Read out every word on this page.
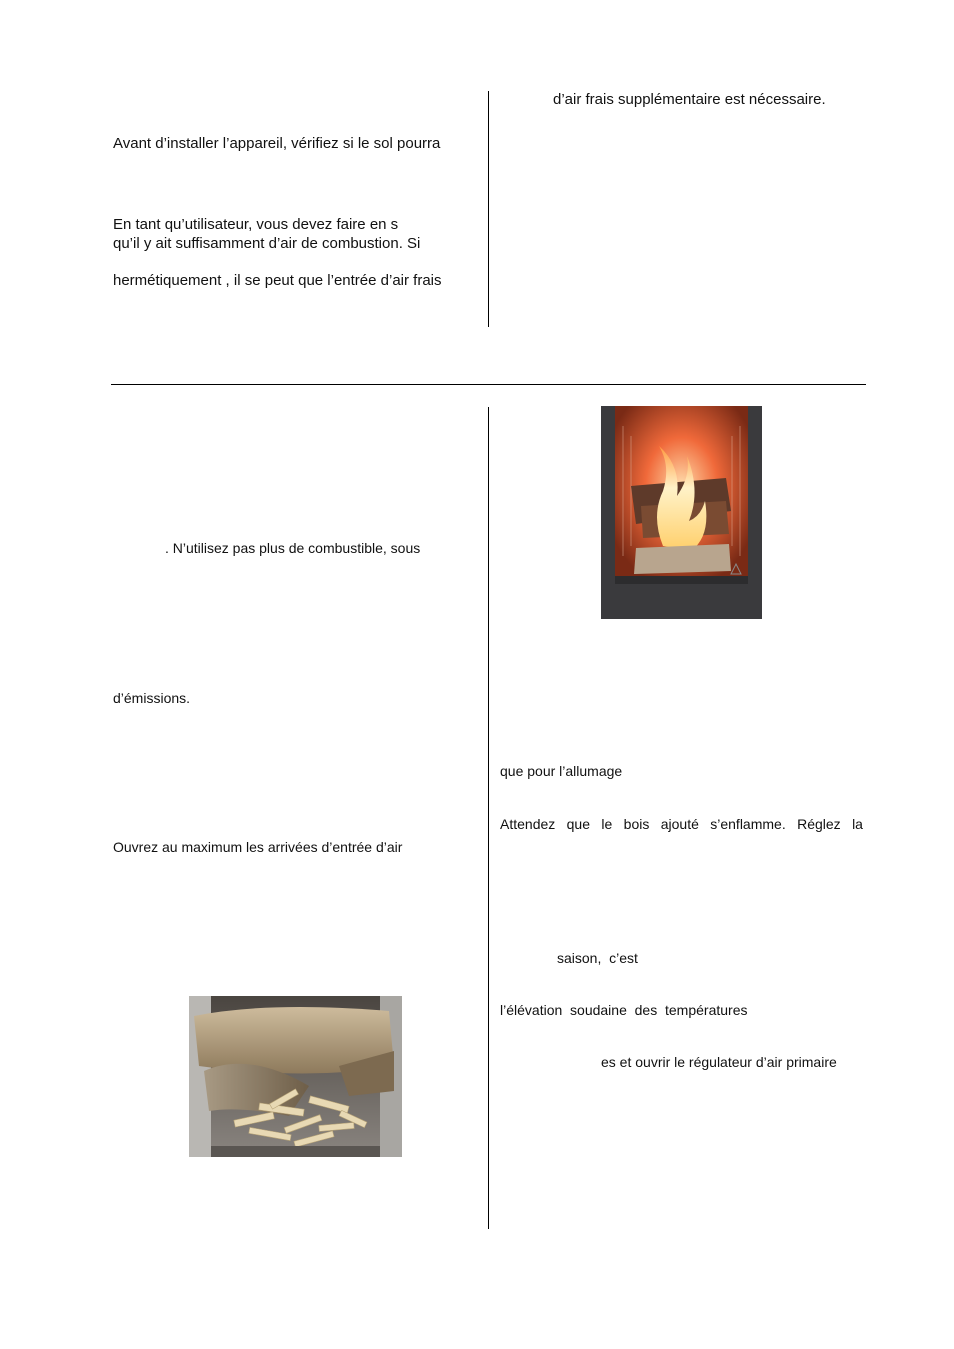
Avant d’installer l’appareil, vérifiez si le sol pourra
En tant qu’utilisateur, vous devez faire en s
qu’il y ait suffisamment d’air de combustion. Si
hermétiquement , il se peut que l’entrée d’air frais
d’air frais supplémentaire est nécessaire.
. N’utilisez pas plus de combustible, sous
d’émissions.
Ouvrez au maximum les arrivées d’entrée d’air
que pour l’allumage
Attendez que le bois ajouté s’enflamme. Réglez la
saison,  c’est
l’élévation  soudaine  des  températures
es et ouvrir le régulateur d’air primaire
